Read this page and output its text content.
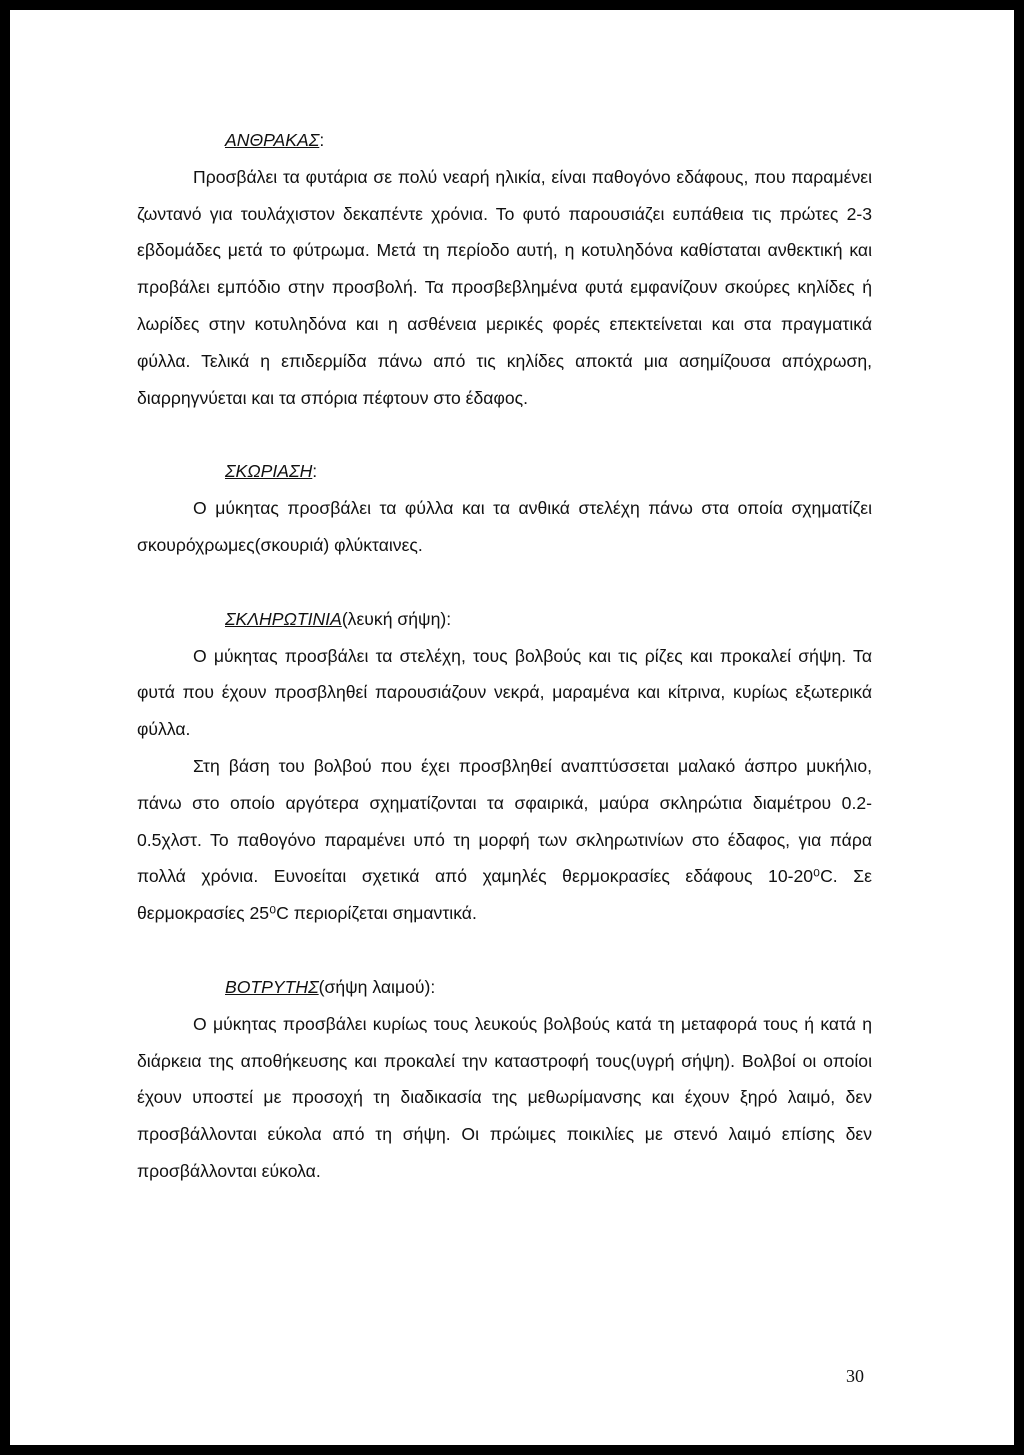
ΑΝΘΡΑΚΑΣ:

Προσβάλει τα φυτάρια σε πολύ νεαρή ηλικία, είναι παθογόνο εδάφους, που παραμένει ζωντανό για τουλάχιστον δεκαπέντε χρόνια. Το φυτό παρουσιάζει ευπάθεια τις πρώτες 2-3 εβδομάδες μετά το φύτρωμα. Μετά τη περίοδο αυτή, η κοτυληδόνα καθίσταται ανθεκτική και προβάλει εμπόδιο στην προσβολή. Τα προσβεβλημένα φυτά εμφανίζουν σκούρες κηλίδες ή λωρίδες στην κοτυληδόνα και η ασθένεια μερικές φορές επεκτείνεται και στα πραγματικά φύλλα. Τελικά η επιδερμίδα πάνω από τις κηλίδες αποκτά μια ασημίζουσα απόχρωση, διαρρηγνύεται και τα σπόρια πέφτουν στο έδαφος.

ΣΚΩΡΙΑΣΗ:

Ο μύκητας προσβάλει τα φύλλα και τα ανθικά στελέχη πάνω στα οποία σχηματίζει σκουρόχρωμες(σκουριά) φλύκταινες.

ΣΚΛΗΡΩΤΙΝΙΑ(λευκή σήψη):

Ο μύκητας προσβάλει τα στελέχη, τους βολβούς και τις ρίζες και προκαλεί σήψη. Τα φυτά που έχουν προσβληθεί παρουσιάζουν νεκρά, μαραμένα και κίτρινα, κυρίως εξωτερικά φύλλα.

Στη βάση του βολβού που έχει προσβληθεί αναπτύσσεται μαλακό άσπρο μυκήλιο, πάνω στο οποίο αργότερα σχηματίζονται τα σφαιρικά, μαύρα σκληρώτια διαμέτρου 0.2-0.5χλστ. Το παθογόνο παραμένει υπό τη μορφή των σκληρωτινίων στο έδαφος, για πάρα πολλά χρόνια. Ευνοείται σχετικά από χαμηλές θερμοκρασίες εδάφους 10-20⁰C. Σε θερμοκρασίες 25⁰C περιορίζεται σημαντικά.

ΒΟΤΡΥΤΗΣ(σήψη λαιμού):

Ο μύκητας προσβάλει κυρίως τους λευκούς βολβούς κατά τη μεταφορά τους ή κατά η διάρκεια της αποθήκευσης και προκαλεί την καταστροφή τους(υγρή σήψη). Βολβοί οι οποίοι έχουν υποστεί με προσοχή τη διαδικασία της μεθωρίμανσης και έχουν ξηρό λαιμό, δεν προσβάλλονται εύκολα από τη σήψη. Οι πρώιμες ποικιλίες με στενό λαιμό επίσης δεν προσβάλλονται εύκολα.

30
